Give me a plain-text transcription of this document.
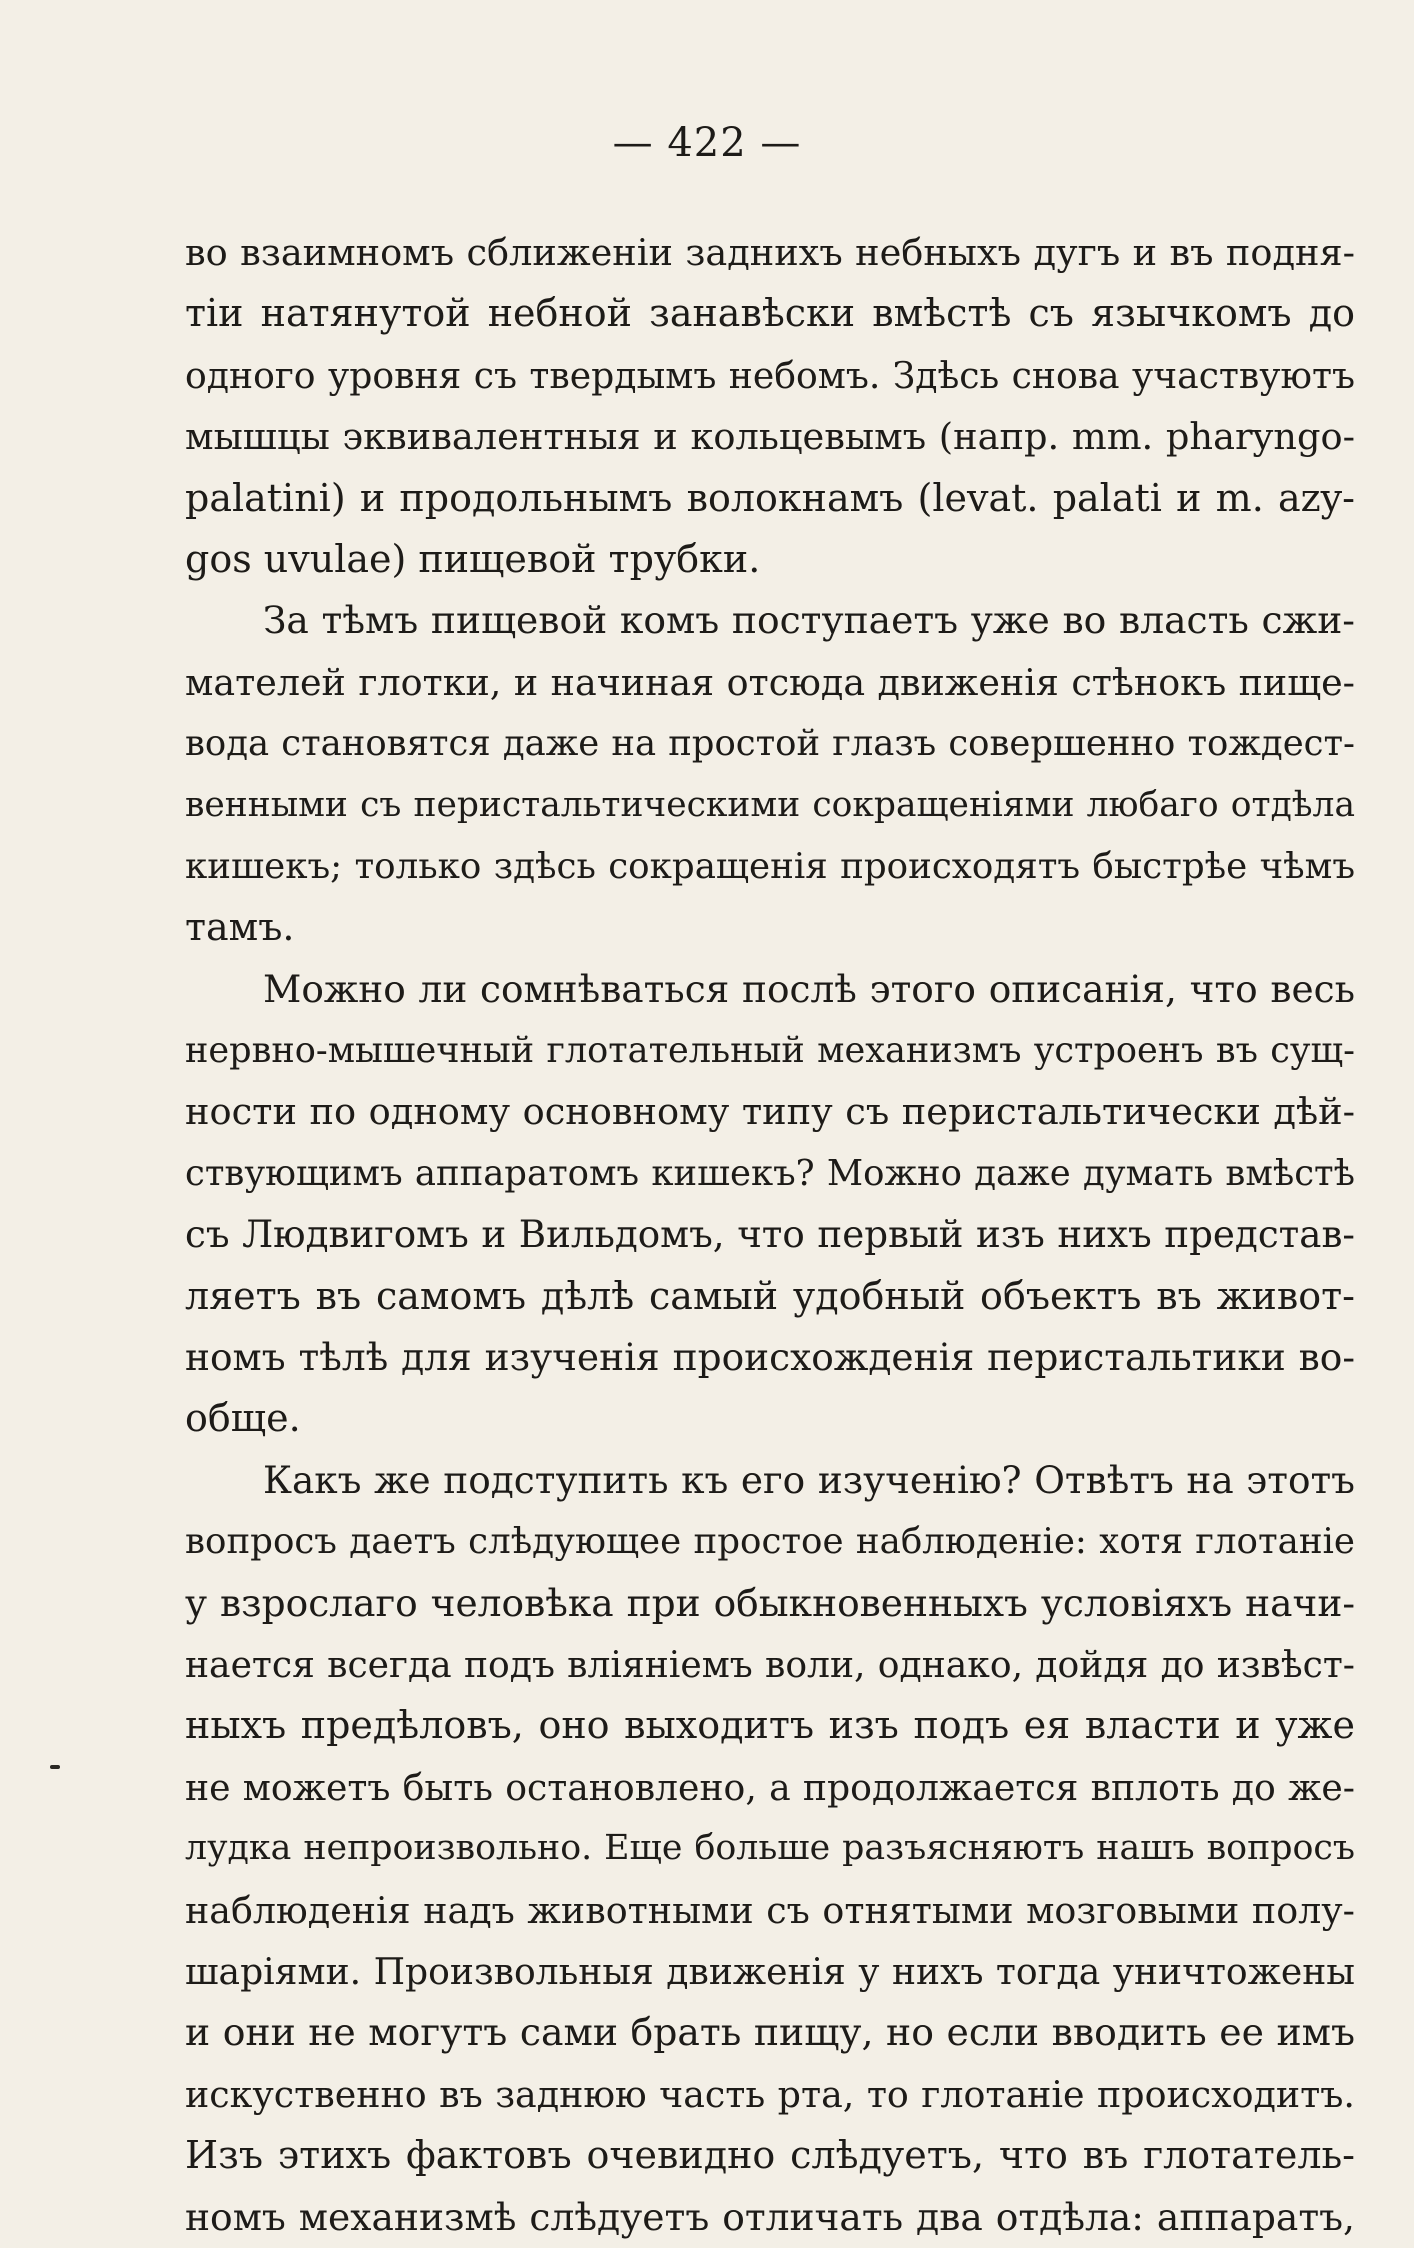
— 422 —
во взаимномъ сближенiи заднихъ небныхъ дугъ и въ подня-
тiи натянутой небной занавѣски вмѣстѣ съ язычкомъ до
одного уровня съ твердымъ небомъ. Здѣсь снова участвуютъ
мышцы эквивалентныя и кольцевымъ (напр. mm. pharyngo-
palatini) и продольнымъ волокнамъ (levat. palati и m. azy-
gos uvulae) пищевой трубки.
За тѣмъ пищевой комъ поступаетъ уже во власть сжи-
мателей глотки, и начиная отсюда движенiя стѣнокъ пище-
вода становятся даже на простой глазъ совершенно тождест-
венными съ перистальтическими сокращенiями любаго отдѣла
кишекъ; только здѣсь сокращенiя происходятъ быстрѣе чѣмъ
тамъ.
Можно ли сомнѣваться послѣ этого описанiя, что весь
нервно-мышечный глотательный механизмъ устроенъ въ сущ-
ности по одному основному типу съ перистальтически дѣй-
ствующимъ аппаратомъ кишекъ? Можно даже думать вмѣстѣ
съ Людвигомъ и Вильдомъ, что первый изъ нихъ представ-
ляетъ въ самомъ дѣлѣ самый удобный объектъ въ живот-
номъ тѣлѣ для изученiя происхожденiя перистальтики во-
обще.
Какъ же подступить къ его изученiю? Отвѣтъ на этотъ
вопросъ даетъ слѣдующее простое наблюденiе: хотя глотанiе
у взрослаго человѣка при обыкновенныхъ условiяхъ начи-
нается всегда подъ влiянiемъ воли, однако, дойдя до извѣст-
ныхъ предѣловъ, оно выходитъ изъ подъ ея власти и уже
не можетъ быть остановлено, а продолжается вплоть до же-
лудка непроизвольно. Еще больше разъясняютъ нашъ вопросъ
наблюденiя надъ животными съ отнятыми мозговыми полу-
шарiями. Произвольныя движенiя у нихъ тогда уничтожены
и они не могутъ сами брать пищу, но если вводить ее имъ
искуственно въ заднюю часть рта, то глотанiе происходитъ.
Изъ этихъ фактовъ очевидно слѣдуетъ, что въ глотатель-
номъ механизмѣ слѣдуетъ отличать два отдѣла: аппаратъ,
